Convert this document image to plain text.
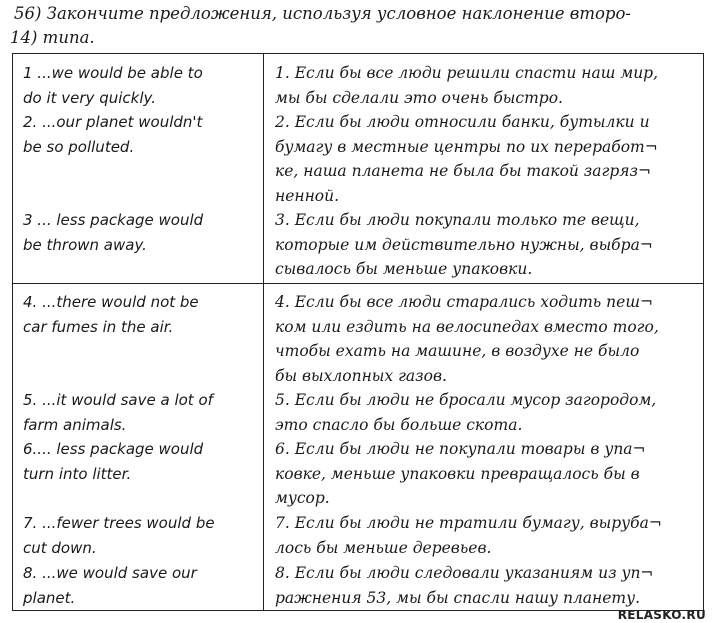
56) Закончите предложения, используя условное наклонение второ-
14) типа.
1 ...we would be able to
do it very quickly.
2. ...our planet wouldn't
be so polluted.
3 ... less package would
be thrown away.
4. ...there would not be
car fumes in the air.
5. ...it would save a lot of
farm animals.
6.... less package would
turn into litter.
7. ...fewer trees would be
cut down.
8. ...we would save our
planet.
1. Если бы все люди решили спасти наш мир,
мы бы сделали это очень быстро.
2. Если бы люди относили банки, бутылки и
бумагу в местные центры по их переработ¬
ке, наша планета не была бы такой загряз¬
ненной.
3. Если бы люди покупали только те вещи,
которые им действительно нужны, выбра¬
сывалось бы меньше упаковки.
4. Если бы все люди старались ходить пеш¬
ком или ездить на велосипедах вместо того,
чтобы ехать на машине, в воздухе не было
бы выхлопных газов.
5. Если бы люди не бросали мусор загородом,
это спасло бы больше скота.
6. Если бы люди не покупали товары в упа¬
ковке, меньше упаковки превращалось бы в
мусор.
7. Если бы люди не тратили бумагу, выруба¬
лось бы меньше деревьев.
8. Если бы люди следовали указаниям из уп¬
ражнения 53, мы бы спасли нашу планету.
RELASKO.RU
